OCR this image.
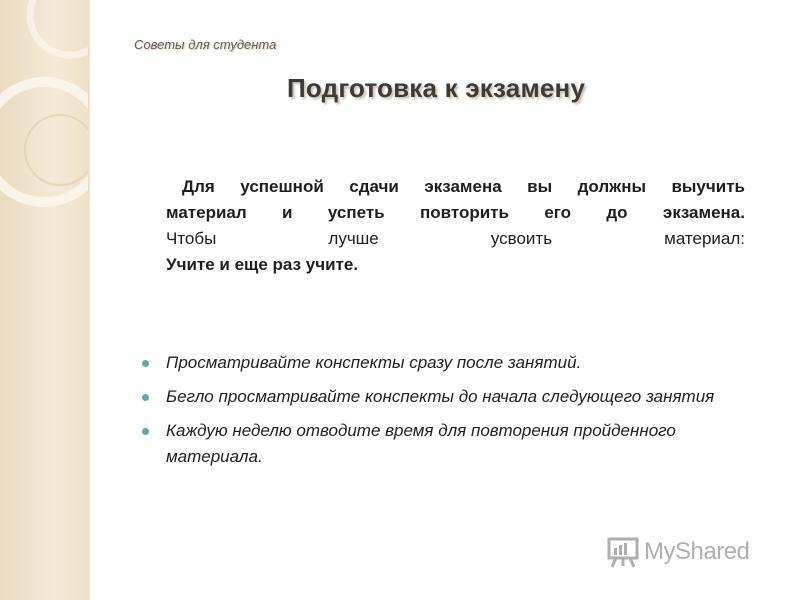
Советы для студента
Подготовка к экзамену
Для успешной сдачи экзамена вы должны выучить
материал и успеть повторить его до экзамена.
Чтобы лучше усвоить материал:
Учите и еще раз учите.
Просматривайте конспекты сразу после занятий.
Бегло просматривайте конспекты до начала следующего занятия
Каждую неделю отводите время для повторения пройденного материала.
MyShared
